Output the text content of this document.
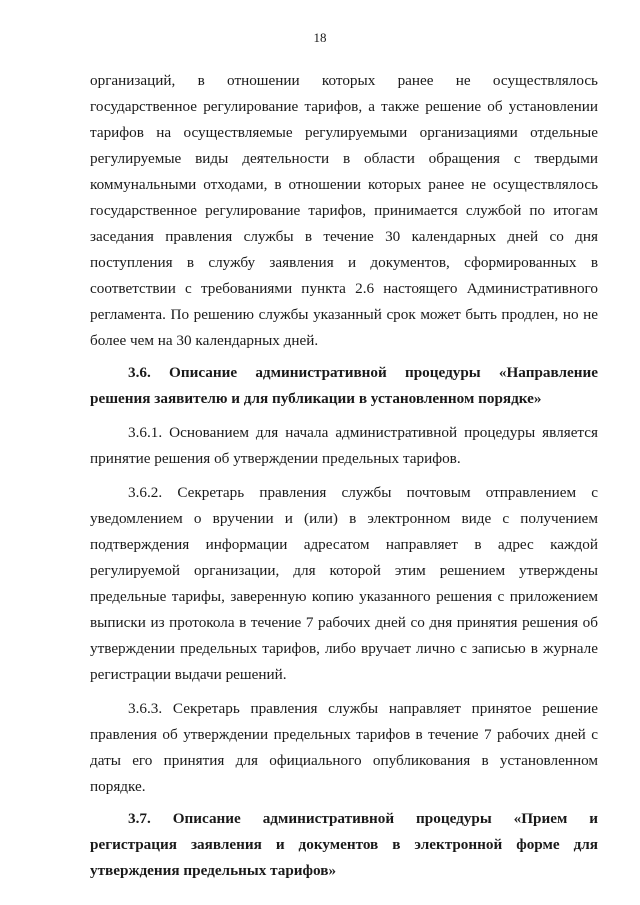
18
организаций, в отношении которых ранее не осуществлялось
государственное регулирование тарифов, а также решение об установлении
тарифов на осуществляемые регулируемыми организациями отдельные
регулируемые виды деятельности в области обращения с твердыми
коммунальными отходами, в отношении которых ранее не осуществлялось
государственное регулирование тарифов, принимается службой по итогам
заседания правления службы в течение 30 календарных дней со дня
поступления в службу заявления и документов, сформированных в
соответствии с требованиями пункта 2.6 настоящего Административного
регламента. По решению службы указанный срок может быть продлен, но не
более чем на 30 календарных дней.
3.6. Описание административной процедуры «Направление
решения заявителю и для публикации в установленном порядке»
3.6.1. Основанием для начала административной процедуры является
принятие решения об утверждении предельных тарифов.
3.6.2. Секретарь правления службы почтовым отправлением с
уведомлением о вручении и (или) в электронном виде с получением
подтверждения информации адресатом направляет в адрес каждой
регулируемой организации, для которой этим решением утверждены
предельные тарифы, заверенную копию указанного решения с приложением
выписки из протокола в течение 7 рабочих дней со дня принятия решения об
утверждении предельных тарифов, либо вручает лично с записью в журнале
регистрации выдачи решений.
3.6.3. Секретарь правления службы направляет принятое решение
правления об утверждении предельных тарифов в течение 7 рабочих дней с
даты его принятия для официального опубликования в установленном
порядке.
3.7. Описание административной процедуры «Прием и
регистрация заявления и документов в электронной форме для
утверждения предельных тарифов»
